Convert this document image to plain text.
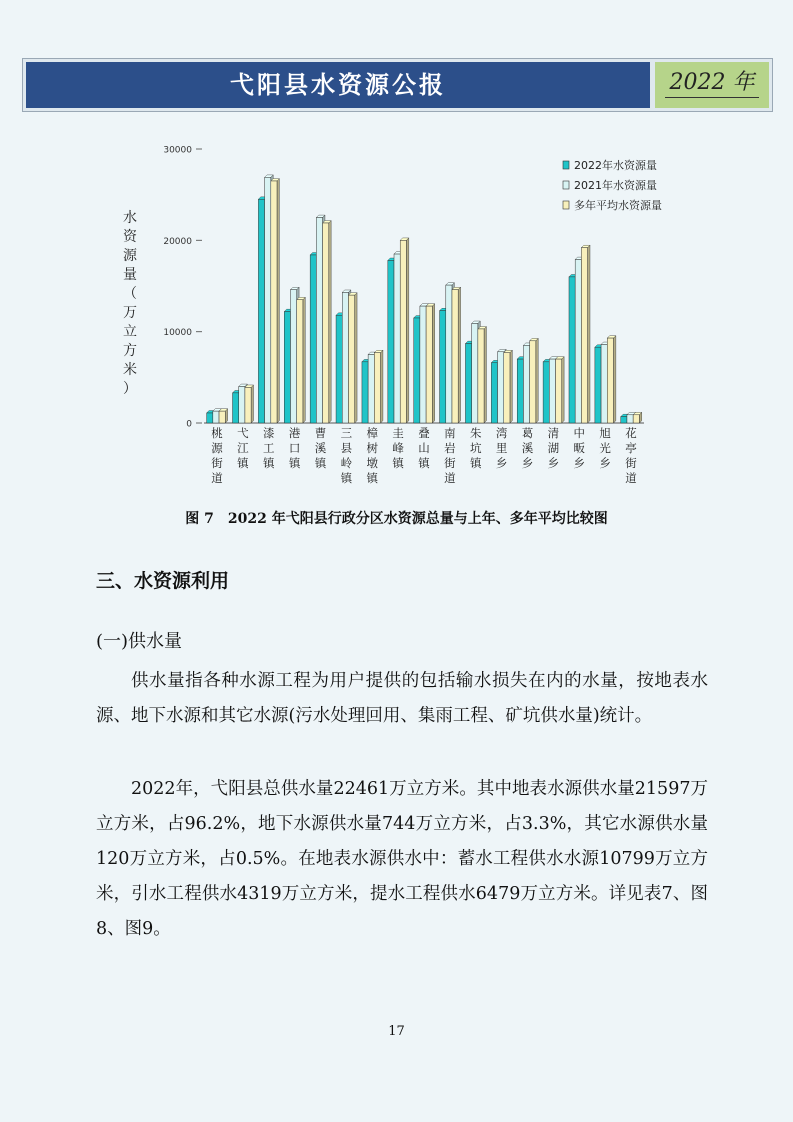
弋阳县水资源公报	2022 年
水
资
源
量
（
万
立
方
米
）
0
10000
20000
30000
桃源街道
弋江镇
漆工镇
港口镇
曹溪镇
三县岭镇
樟树墩镇
圭峰镇
叠山镇
南岩街道
朱坑镇
湾里乡
葛溪乡
清湖乡
中畈乡
旭光乡
花亭街道
2022年水资源量
2021年水资源量
多年平均水资源量
图 7　2022 年弋阳县行政分区水资源总量与上年、多年平均比较图
三、水资源利用
(一)供水量

供水量指各种水源工程为用户提供的包括输水损失在内的水量，按地表水源、地下水源和其它水源(污水处理回用、集雨工程、矿坑供水量)统计。

2022年，弋阳县总供水量22461万立方米。其中地表水源供水量21597万立方米，占96.2%，地下水源供水量744万立方米，占3.3%，其它水源供水量120万立方米，占0.5%。在地表水源供水中：蓄水工程供水水源10799万立方米，引水工程供水4319万立方米，提水工程供水6479万立方米。详见表7、图8、图9。

17
